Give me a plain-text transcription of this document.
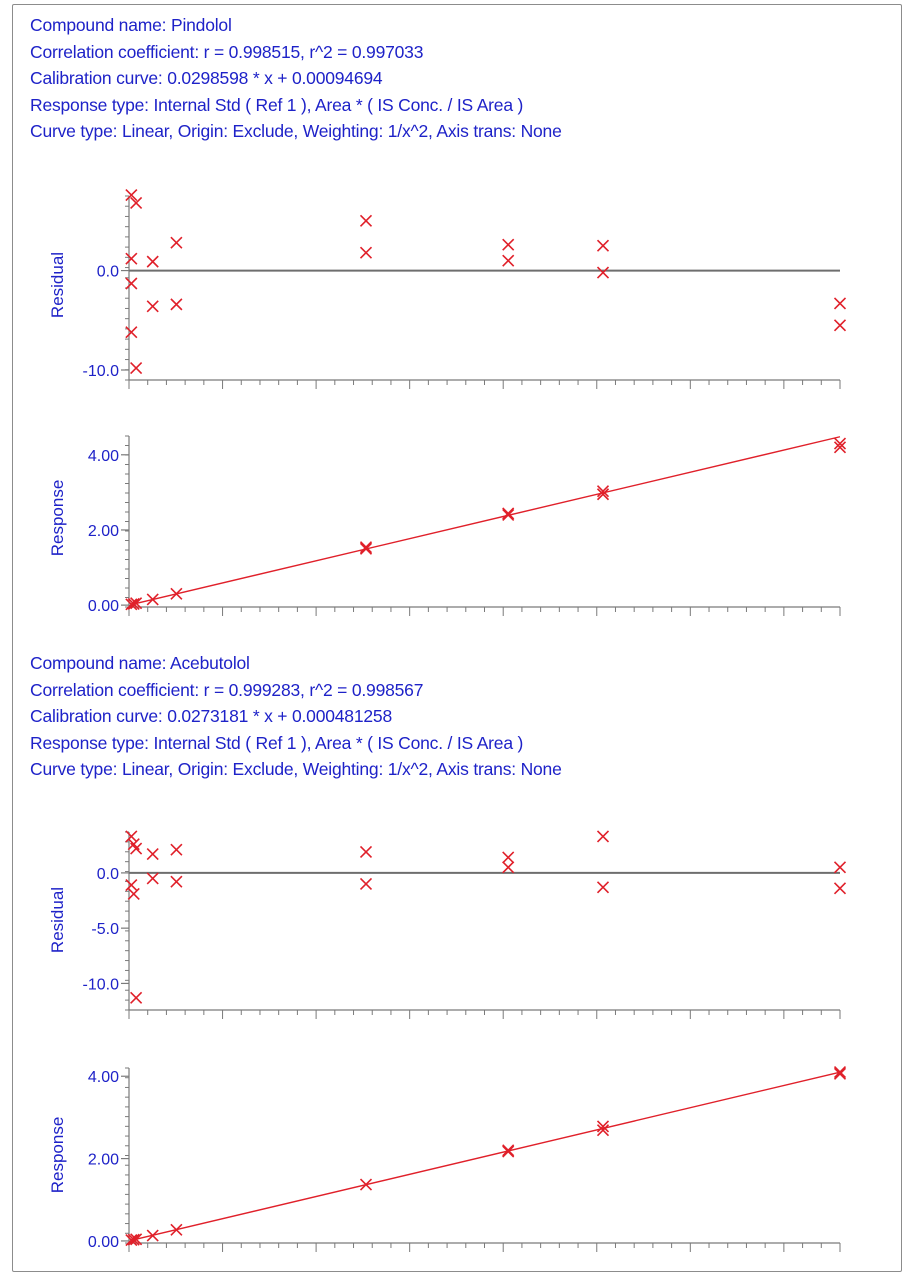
Compound name: Pindolol
Correlation coefficient: r = 0.998515, r^2 = 0.997033
Calibration curve: 0.0298598 * x + 0.00094694
Response type: Internal Std ( Ref 1 ), Area * ( IS Conc. / IS Area )
Curve type: Linear, Origin: Exclude, Weighting: 1/x^2, Axis trans: None
Compound name: Acebutolol
Correlation coefficient: r = 0.999283, r^2 = 0.998567
Calibration curve: 0.0273181 * x + 0.000481258
Response type: Internal Std ( Ref 1 ), Area * ( IS Conc. / IS Area )
Curve type: Linear, Origin: Exclude, Weighting: 1/x^2, Axis trans: None
0.0
-10.0
Residual
0.00
2.00
4.00
Response
0.0
-5.0
-10.0
Residual
0.00
2.00
4.00
Response
